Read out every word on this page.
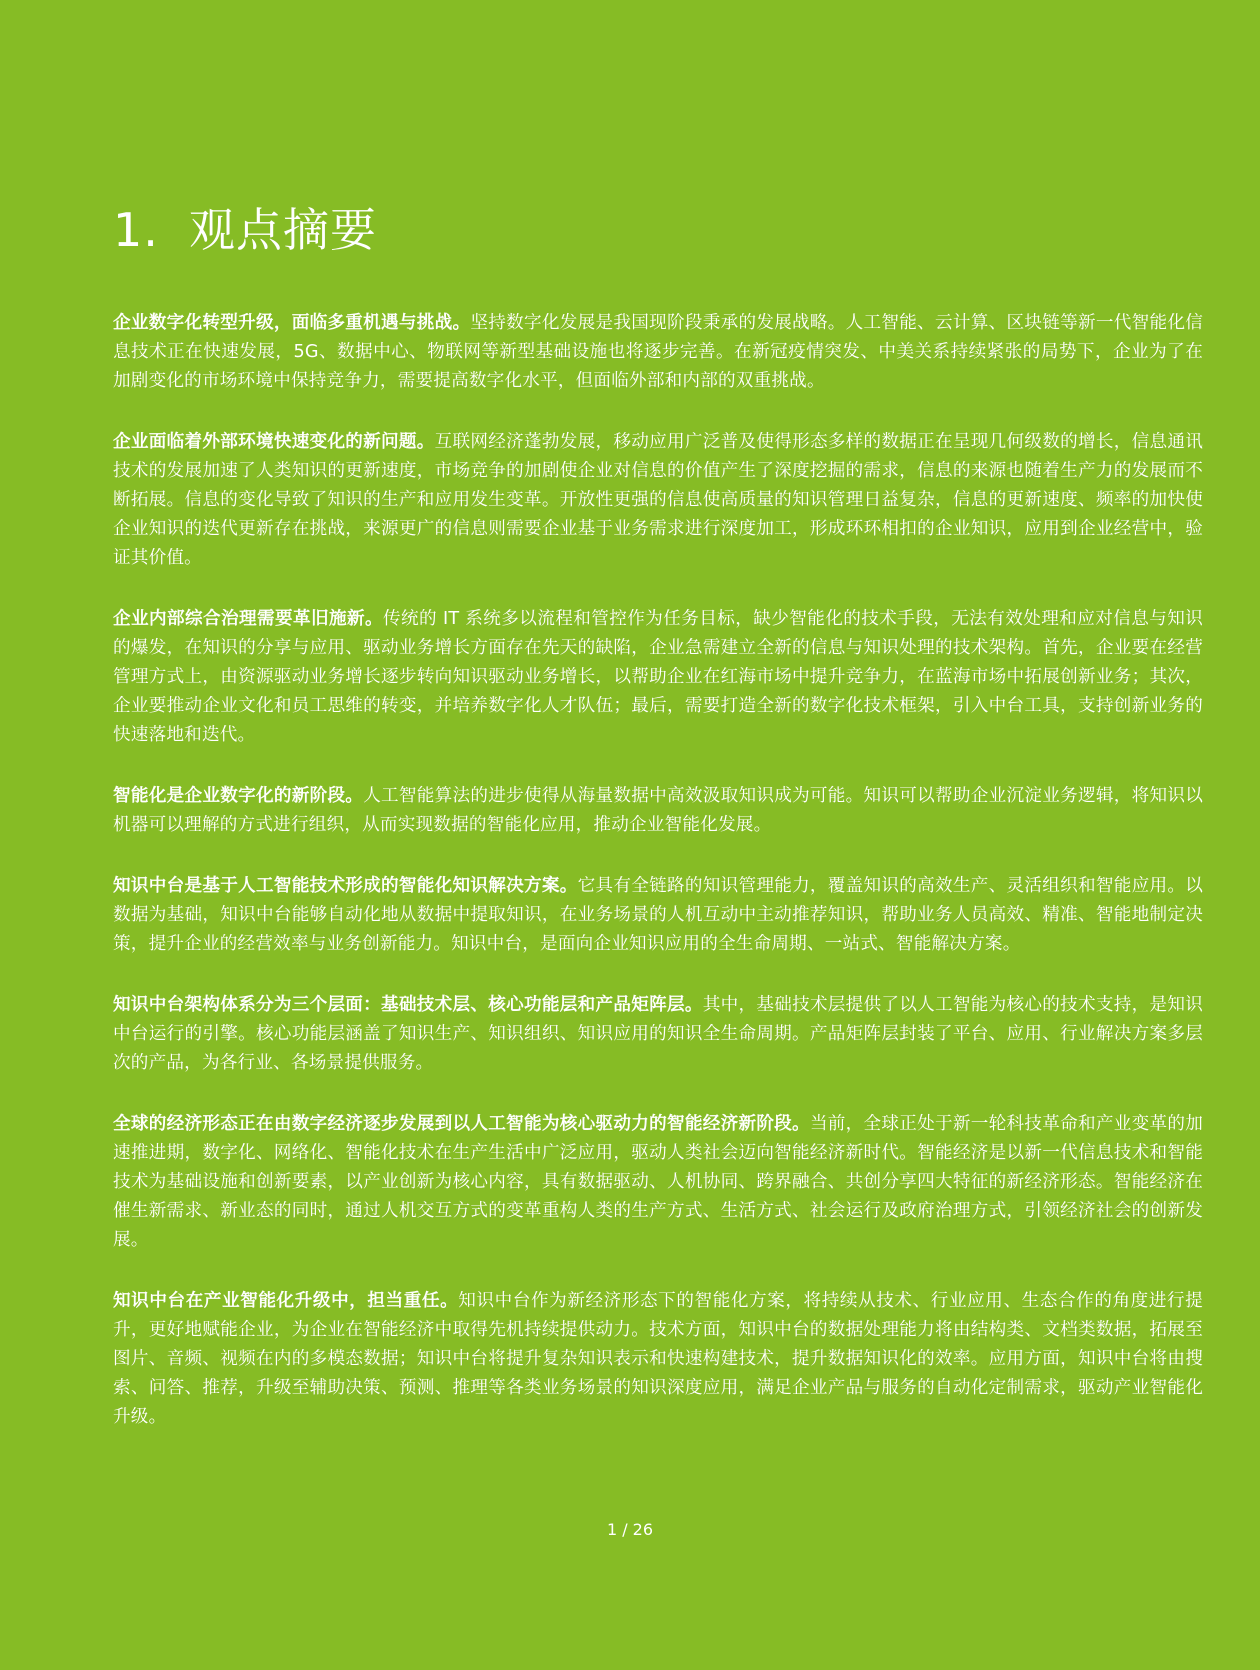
1. 观点摘要

企业数字化转型升级，面临多重机遇与挑战。坚持数字化发展是我国现阶段秉承的发展战略。人工智能、云计算、区块链等新一代智能化信息技术正在快速发展，5G、数据中心、物联网等新型基础设施也将逐步完善。在新冠疫情突发、中美关系持续紧张的局势下，企业为了在加剧变化的市场环境中保持竞争力，需要提高数字化水平，但面临外部和内部的双重挑战。

企业面临着外部环境快速变化的新问题。互联网经济蓬勃发展，移动应用广泛普及使得形态多样的数据正在呈现几何级数的增长，信息通讯技术的发展加速了人类知识的更新速度，市场竞争的加剧使企业对信息的价值产生了深度挖掘的需求，信息的来源也随着生产力的发展而不断拓展。信息的变化导致了知识的生产和应用发生变革。开放性更强的信息使高质量的知识管理日益复杂，信息的更新速度、频率的加快使企业知识的迭代更新存在挑战，来源更广的信息则需要企业基于业务需求进行深度加工，形成环环相扣的企业知识，应用到企业经营中，验证其价值。

企业内部综合治理需要革旧施新。传统的 IT 系统多以流程和管控作为任务目标，缺少智能化的技术手段，无法有效处理和应对信息与知识的爆发，在知识的分享与应用、驱动业务增长方面存在先天的缺陷，企业急需建立全新的信息与知识处理的技术架构。首先，企业要在经营管理方式上，由资源驱动业务增长逐步转向知识驱动业务增长，以帮助企业在红海市场中提升竞争力，在蓝海市场中拓展创新业务；其次，企业要推动企业文化和员工思维的转变，并培养数字化人才队伍；最后，需要打造全新的数字化技术框架，引入中台工具，支持创新业务的快速落地和迭代。

智能化是企业数字化的新阶段。人工智能算法的进步使得从海量数据中高效汲取知识成为可能。知识可以帮助企业沉淀业务逻辑，将知识以机器可以理解的方式进行组织，从而实现数据的智能化应用，推动企业智能化发展。

知识中台是基于人工智能技术形成的智能化知识解决方案。它具有全链路的知识管理能力，覆盖知识的高效生产、灵活组织和智能应用。以数据为基础，知识中台能够自动化地从数据中提取知识，在业务场景的人机互动中主动推荐知识，帮助业务人员高效、精准、智能地制定决策，提升企业的经营效率与业务创新能力。知识中台，是面向企业知识应用的全生命周期、一站式、智能解决方案。

知识中台架构体系分为三个层面：基础技术层、核心功能层和产品矩阵层。其中，基础技术层提供了以人工智能为核心的技术支持，是知识中台运行的引擎。核心功能层涵盖了知识生产、知识组织、知识应用的知识全生命周期。产品矩阵层封装了平台、应用、行业解决方案多层次的产品，为各行业、各场景提供服务。

全球的经济形态正在由数字经济逐步发展到以人工智能为核心驱动力的智能经济新阶段。当前，全球正处于新一轮科技革命和产业变革的加速推进期，数字化、网络化、智能化技术在生产生活中广泛应用，驱动人类社会迈向智能经济新时代。智能经济是以新一代信息技术和智能技术为基础设施和创新要素，以产业创新为核心内容，具有数据驱动、人机协同、跨界融合、共创分享四大特征的新经济形态。智能经济在催生新需求、新业态的同时，通过人机交互方式的变革重构人类的生产方式、生活方式、社会运行及政府治理方式，引领经济社会的创新发展。

知识中台在产业智能化升级中，担当重任。知识中台作为新经济形态下的智能化方案，将持续从技术、行业应用、生态合作的角度进行提升，更好地赋能企业，为企业在智能经济中取得先机持续提供动力。技术方面，知识中台的数据处理能力将由结构类、文档类数据，拓展至图片、音频、视频在内的多模态数据；知识中台将提升复杂知识表示和快速构建技术，提升数据知识化的效率。应用方面，知识中台将由搜索、问答、推荐，升级至辅助决策、预测、推理等各类业务场景的知识深度应用，满足企业产品与服务的自动化定制需求，驱动产业智能化升级。

1 / 26
